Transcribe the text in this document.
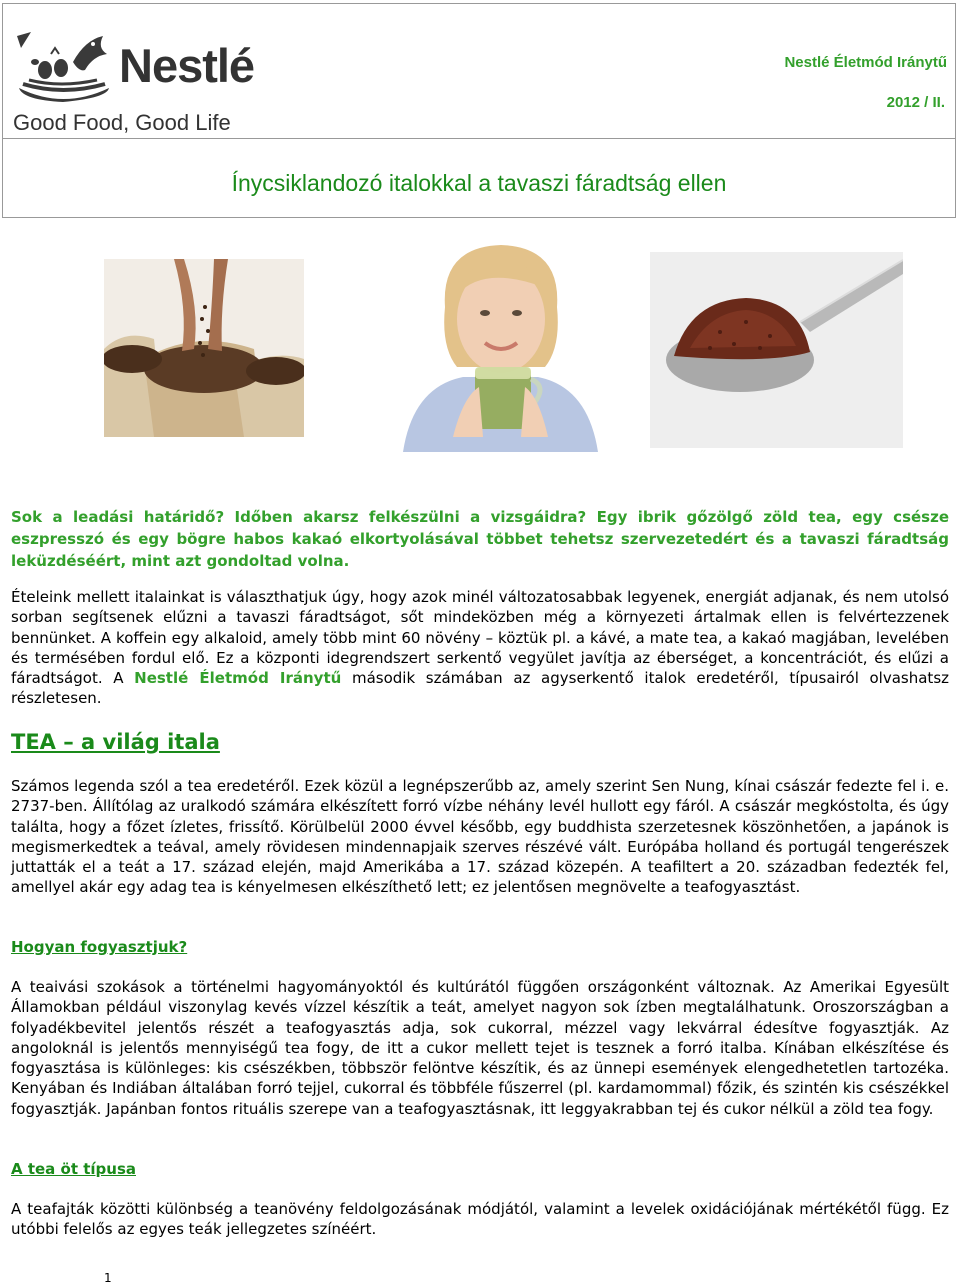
Nestlé
Good Food, Good Life
Nestlé Életmód Iránytű
2012 / II.
Ínycsiklandozó italokkal a tavaszi fáradtság ellen
Sok a leadási határidő? Időben akarsz felkészülni a vizsgáidra? Egy ibrik gőzölgő zöld tea, egy csésze eszpresszó és egy bögre habos kakaó elkortyolásával többet tehetsz szervezetedért és a tavaszi fáradtság leküzdéséért, mint azt gondoltad volna.
Ételeink mellett italainkat is választhatjuk úgy, hogy azok minél változatosabbak legyenek, energiát adjanak, és nem utolsó sorban segítsenek elűzni a tavaszi fáradtságot, sőt mindeközben még a környezeti ártalmak ellen is felvértezzenek bennünket. A koffein egy alkaloid, amely több mint 60 növény – köztük pl. a kávé, a mate tea, a kakaó magjában, levelében és termésében fordul elő. Ez a központi idegrendszert serkentő vegyület javítja az éberséget, a koncentrációt, és elűzi a fáradtságot. A Nestlé Életmód Iránytű második számában az agyserkentő italok eredetéről, típusairól olvashatsz részletesen.
TEA – a világ itala
Számos legenda szól a tea eredetéről. Ezek közül a legnépszerűbb az, amely szerint Sen Nung, kínai császár fedezte fel i. e. 2737-ben. Állítólag az uralkodó számára elkészített forró vízbe néhány levél hullott egy fáról. A császár megkóstolta, és úgy találta, hogy a főzet ízletes, frissítő. Körülbelül 2000 évvel később, egy buddhista szerzetesnek köszönhetően, a japánok is megismerkedtek a teával, amely rövidesen mindennapjaik szerves részévé vált. Európába holland és portugál tengerészek juttatták el a teát a 17. század elején, majd Amerikába a 17. század közepén. A teafiltert a 20. században fedezték fel, amellyel akár egy adag tea is kényelmesen elkészíthető lett; ez jelentősen megnövelte a teafogyasztást.
Hogyan fogyasztjuk?
A teaivási szokások a történelmi hagyományoktól és kultúrától függően országonként változnak. Az Amerikai Egyesült Államokban például viszonylag kevés vízzel készítik a teát, amelyet nagyon sok ízben megtalálhatunk. Oroszországban a folyadékbevitel jelentős részét a teafogyasztás adja, sok cukorral, mézzel vagy lekvárral édesítve fogyasztják. Az angoloknál is jelentős mennyiségű tea fogy, de itt a cukor mellett tejet is tesznek a forró italba. Kínában elkészítése és fogyasztása is különleges: kis csészékben, többször felöntve készítik, és az ünnepi események elengedhetetlen tartozéka. Kenyában és Indiában általában forró tejjel, cukorral és többféle fűszerrel (pl. kardamommal) főzik, és szintén kis csészékkel fogyasztják. Japánban fontos rituális szerepe van a teafogyasztásnak, itt leggyakrabban tej és cukor nélkül a zöld tea fogy.
A tea öt típusa
A teafajták közötti különbség a teanövény feldolgozásának módjától, valamint a levelek oxidációjának mértékétől függ. Ez utóbbi felelős az egyes teák jellegzetes színéért.
1
